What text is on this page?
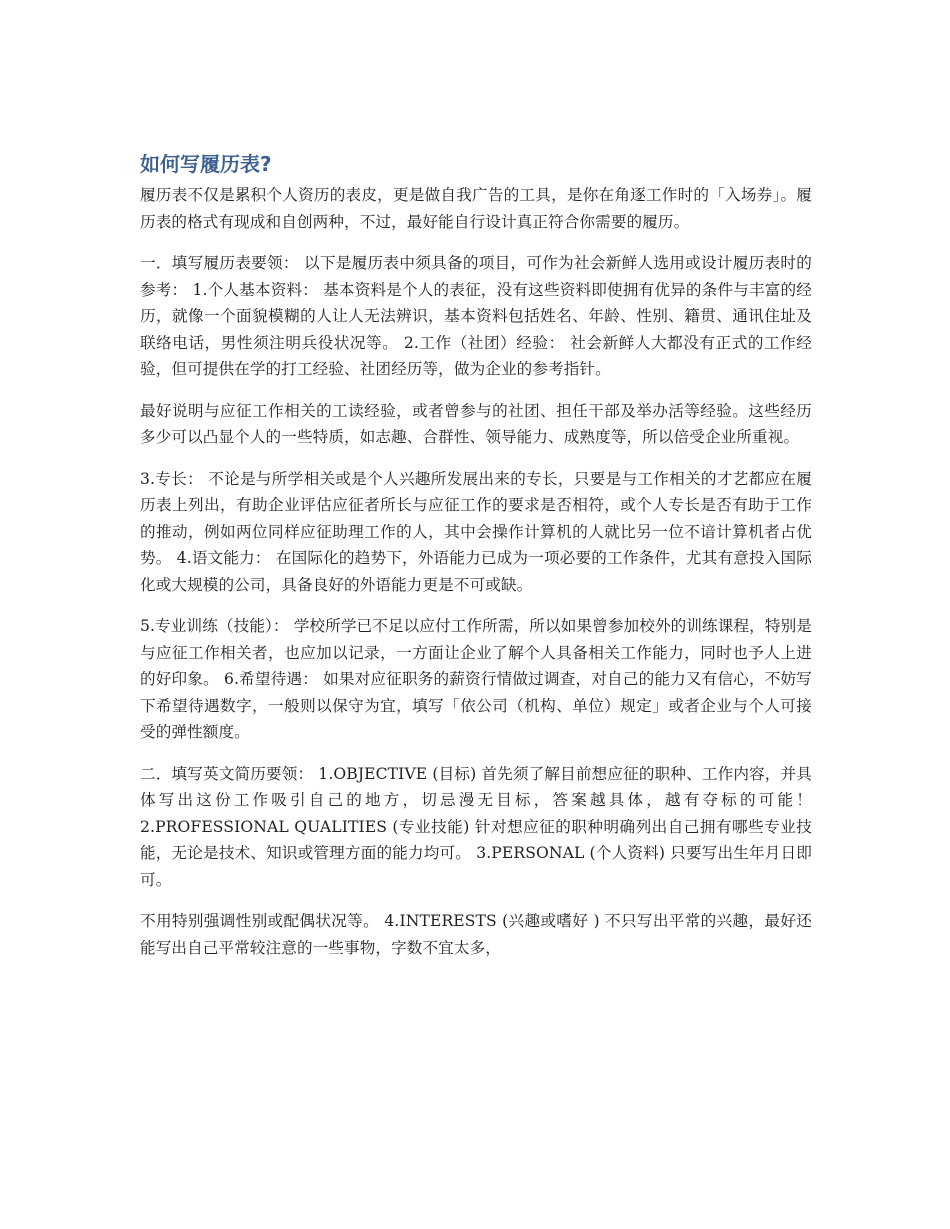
如何写履历表?

履历表不仅是累积个人资历的表皮，更是做自我广告的工具，是你在角逐工作时的「入场券」。履历表的格式有现成和自创两种，不过，最好能自行设计真正符合你需要的履历。

一．填写履历表要领： 以下是履历表中须具备的项目，可作为社会新鲜人选用或设计履历表时的参考： 1.个人基本资料： 基本资料是个人的表征，没有这些资料即使拥有优异的条件与丰富的经历，就像一个面貌模糊的人让人无法辨识，基本资料包括姓名、年龄、性别、籍贯、通讯住址及联络电话，男性须注明兵役状况等。 2.工作（社团）经验： 社会新鲜人大都没有正式的工作经验，但可提供在学的打工经验、社团经历等，做为企业的参考指针。

最好说明与应征工作相关的工读经验，或者曾参与的社团、担任干部及举办活等经验。这些经历多少可以凸显个人的一些特质，如志趣、合群性、领导能力、成熟度等，所以倍受企业所重视。

3.专长： 不论是与所学相关或是个人兴趣所发展出来的专长，只要是与工作相关的才艺都应在履历表上列出，有助企业评估应征者所长与应征工作的要求是否相符，或个人专长是否有助于工作的推动，例如两位同样应征助理工作的人，其中会操作计算机的人就比另一位不谙计算机者占优势。 4.语文能力： 在国际化的趋势下，外语能力已成为一项必要的工作条件，尤其有意投入国际化或大规模的公司，具备良好的外语能力更是不可或缺。

5.专业训练（技能）： 学校所学已不足以应付工作所需，所以如果曾参加校外的训练课程，特别是与应征工作相关者，也应加以记录，一方面让企业了解个人具备相关工作能力，同时也予人上进的好印象。 6.希望待遇： 如果对应征职务的薪资行情做过调查，对自己的能力又有信心，不妨写下希望待遇数字，一般则以保守为宜，填写「依公司（机构、单位）规定」或者企业与个人可接受的弹性额度。

二．填写英文简历要领： 1.OBJECTIVE (目标) 首先须了解目前想应征的职种、工作内容，并具体写出这份工作吸引自己的地方，切忌漫无目标，答案越具体，越有夺标的可能！ 2.PROFESSIONAL QUALITIES (专业技能) 针对想应征的职种明确列出自己拥有哪些专业技能，无论是技术、知识或管理方面的能力均可。 3.PERSONAL (个人资料) 只要写出生年月日即可。

不用特别强调性别或配偶状况等。 4.INTERESTS (兴趣或嗜好 ) 不只写出平常的兴趣，最好还能写出自己平常较注意的一些事物，字数不宜太多，
